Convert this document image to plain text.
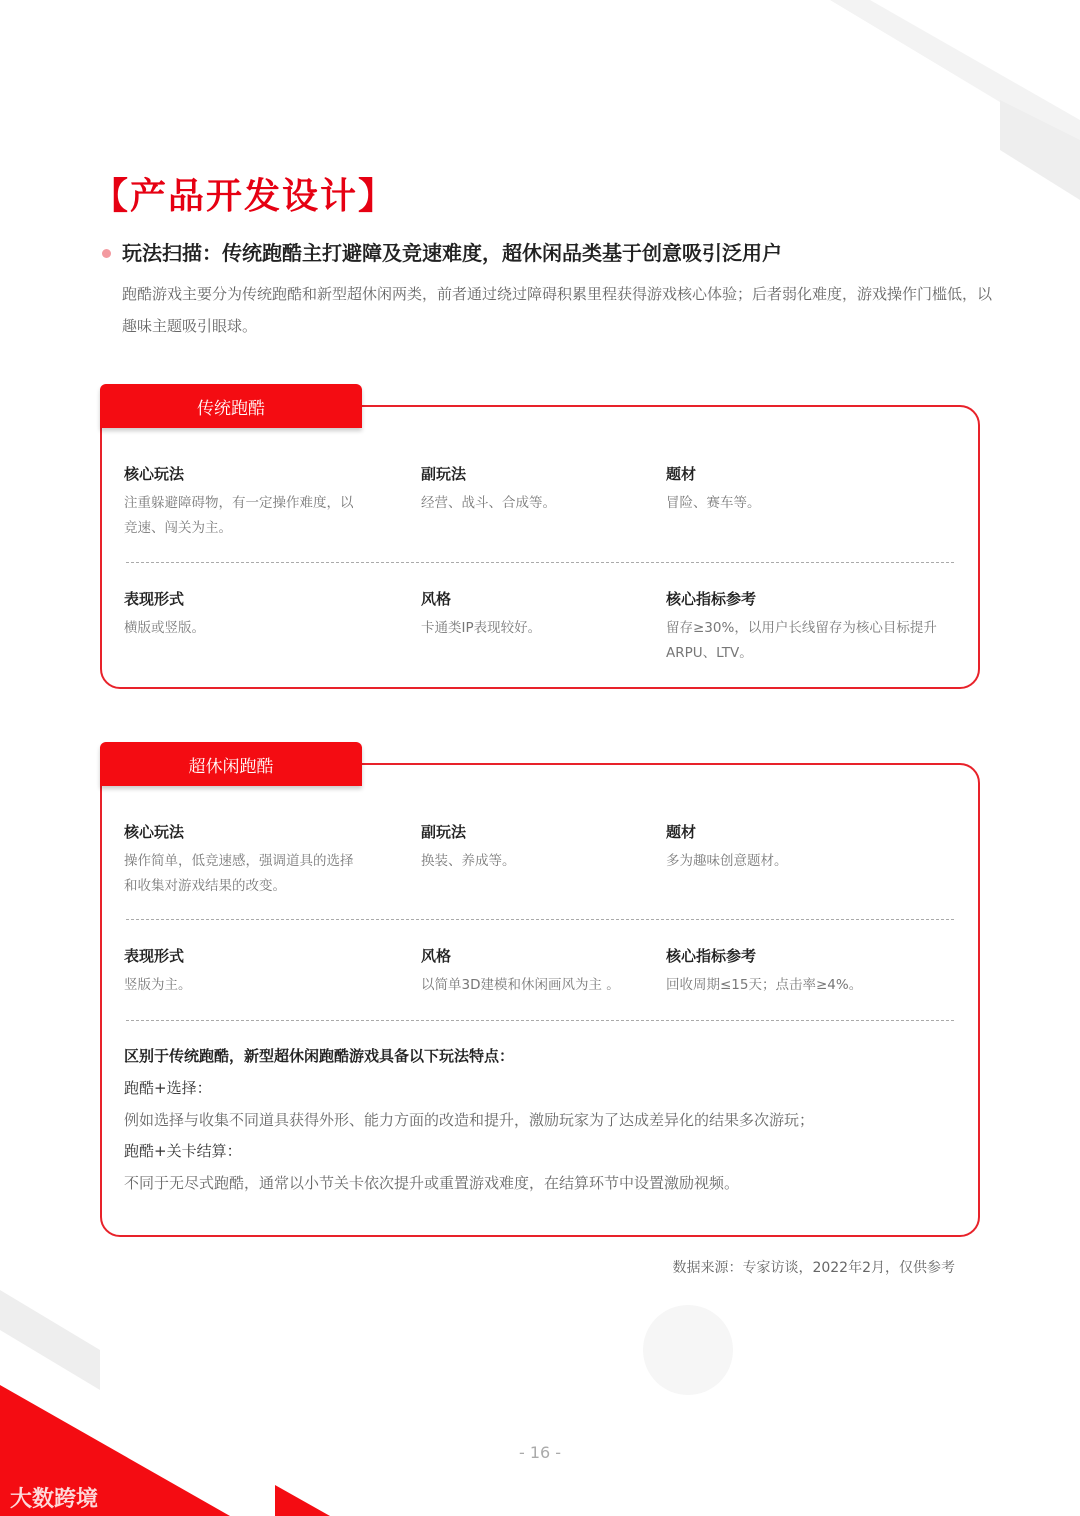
【产品开发设计】
玩法扫描：传统跑酷主打避障及竞速难度，超休闲品类基于创意吸引泛用户
跑酷游戏主要分为传统跑酷和新型超休闲两类，前者通过绕过障碍积累里程获得游戏核心体验；后者弱化难度，游戏操作门槛低，以趣味主题吸引眼球。
传统跑酷
核心玩法
注重躲避障碍物，有一定操作难度，以竞速、闯关为主。
副玩法
经营、战斗、合成等。
题材
冒险、赛车等。
表现形式
横版或竖版。
风格
卡通类IP表现较好。
核心指标参考
留存≥30%，以用户长线留存为核心目标提升ARPU、LTV。
超休闲跑酷
核心玩法
操作简单，低竞速感，强调道具的选择和收集对游戏结果的改变。
副玩法
换装、养成等。
题材
多为趣味创意题材。
表现形式
竖版为主。
风格
以简单3D建模和休闲画风为主 。
核心指标参考
回收周期≤15天；点击率≥4%。
区别于传统跑酷，新型超休闲跑酷游戏具备以下玩法特点：
跑酷+选择：
例如选择与收集不同道具获得外形、能力方面的改造和提升，激励玩家为了达成差异化的结果多次游玩；
跑酷+关卡结算：
不同于无尽式跑酷，通常以小节关卡依次提升或重置游戏难度，在结算环节中设置激励视频。
数据来源：专家访谈，2022年2月，仅供参考
- 16 -
大数跨境
